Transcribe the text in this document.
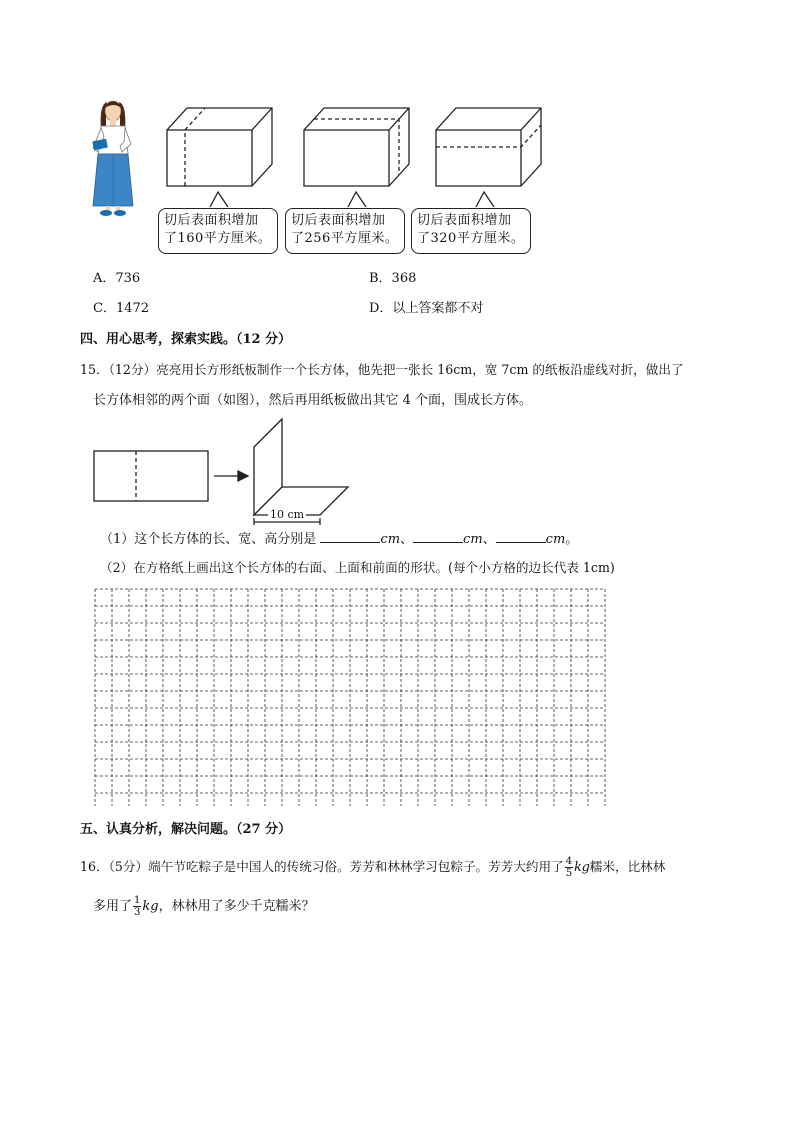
切后表面积增加
了160平方厘米。
切后表面积增加
了256平方厘米。
切后表面积增加
了320平方厘米。
A．736	B．368
C．1472	D．以上答案都不对
四、用心思考，探索实践。（12 分）
15．（12分）亮亮用长方形纸板制作一个长方体，他先把一张长 16cm，宽 7cm 的纸板沿虚线对折，做出了
长方体相邻的两个面（如图），然后再用纸板做出其它 4 个面，围成长方体。
10 cm
（1）这个长方体的长、宽、高分别是	cm、	cm、	cm。
（2）在方格纸上画出这个长方体的右面、上面和前面的形状。(每个小方格的边长代表 1cm)
五、认真分析，解决问题。（27 分）
16．（5分）端午节吃粽子是中国人的传统习俗。芳芳和林林学习包粽子。芳芳大约用了 $\frac{4}{5}$ kg糯米，比林林
多用了 $\frac{1}{3}$ kg，林林用了多少千克糯米？
